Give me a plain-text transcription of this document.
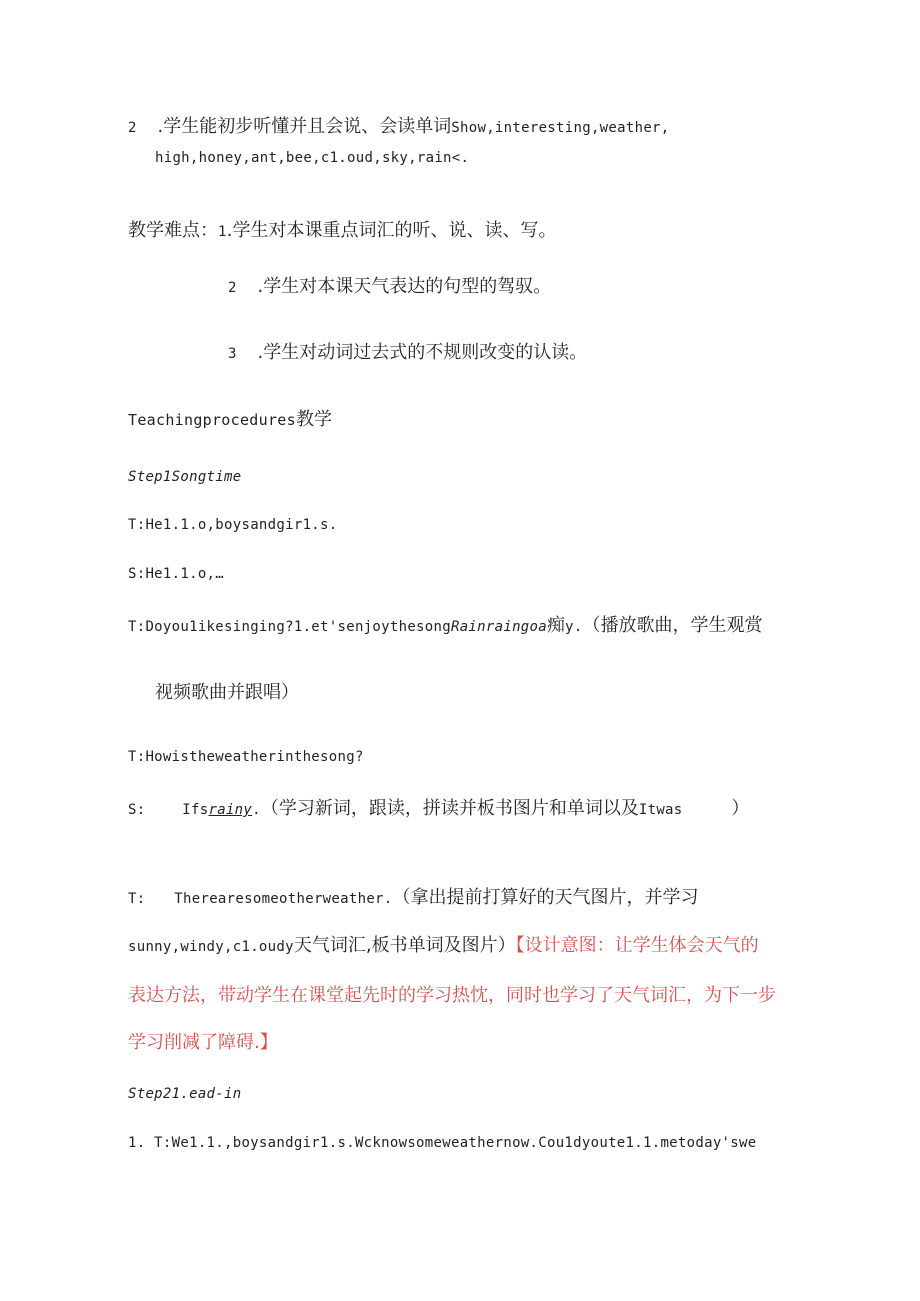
2 .学生能初步听懂并且会说、会读单词Show,interesting,weather,
high,honey,ant,bee,c1.oud,sky,rain<.
教学难点：1.学生对本课重点词汇的听、说、读、写。
2 .学生对本课天气表达的句型的驾驭。
3 .学生对动词过去式的不规则改变的认读。
Teachingprocedures教学
Step1Songtime
T:He1.1.o,boysandgir1.s.
S:He1.1.o,…
T:Doyou1ikesinging?1.et'senjoythesongRainraingoa痴y.（播放歌曲，学生观赏
视频歌曲并跟唱）
T:Howistheweatherinthesong?
S:	Ifsrainy.（学习新词，跟读，拼读并板书图片和单词以及Itwas	）
T: Therearesomeotherweather.（拿出提前打算好的天气图片，并学习
sunny,windy,c1.oudy天气词汇,板书单词及图片）【设计意图：让学生体会天气的
表达方法，带动学生在课堂起先时的学习热忱，同时也学习了天气词汇，为下一步
学习削减了障碍.】
Step21.ead-in
1. T:We1.1.,boysandgir1.s.Wcknowsomeweathernow.Cou1dyoute1.1.metoday'swe
